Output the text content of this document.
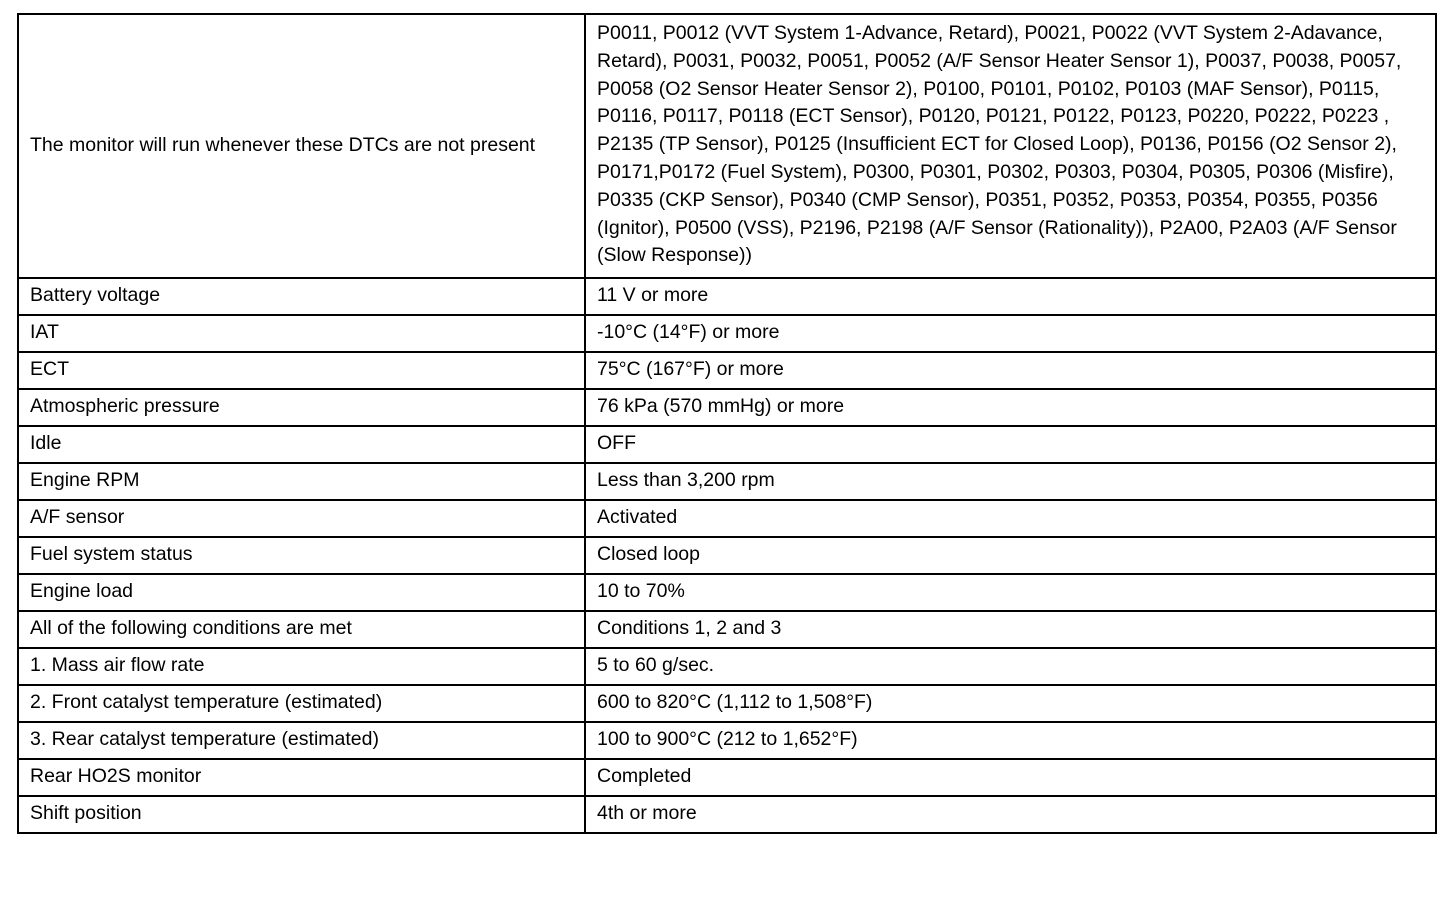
The monitor will run whenever these DTCs are not present	P0011, P0012 (VVT System 1-Advance, Retard), P0021, P0022 (VVT System 2-Adavance, Retard), P0031, P0032, P0051, P0052 (A/F Sensor Heater Sensor 1), P0037, P0038, P0057, P0058 (O2 Sensor Heater Sensor 2), P0100, P0101, P0102, P0103 (MAF Sensor), P0115, P0116, P0117, P0118 (ECT Sensor), P0120, P0121, P0122, P0123, P0220, P0222, P0223 , P2135 (TP Sensor), P0125 (Insufficient ECT for Closed Loop), P0136, P0156 (O2 Sensor 2), P0171,P0172 (Fuel System), P0300, P0301, P0302, P0303, P0304, P0305, P0306 (Misfire), P0335 (CKP Sensor), P0340 (CMP Sensor), P0351, P0352, P0353, P0354, P0355, P0356 (Ignitor), P0500 (VSS), P2196, P2198 (A/F Sensor (Rationality)), P2A00, P2A03 (A/F Sensor (Slow Response))
Battery voltage	11 V or more
IAT	-10°C (14°F) or more
ECT	75°C (167°F) or more
Atmospheric pressure	76 kPa (570 mmHg) or more
Idle	OFF
Engine RPM	Less than 3,200 rpm
A/F sensor	Activated
Fuel system status	Closed loop
Engine load	10 to 70%
All of the following conditions are met	Conditions 1, 2 and 3
1. Mass air flow rate	5 to 60 g/sec.
2. Front catalyst temperature (estimated)	600 to 820°C (1,112 to 1,508°F)
3. Rear catalyst temperature (estimated)	100 to 900°C (212 to 1,652°F)
Rear HO2S monitor	Completed
Shift position	4th or more
